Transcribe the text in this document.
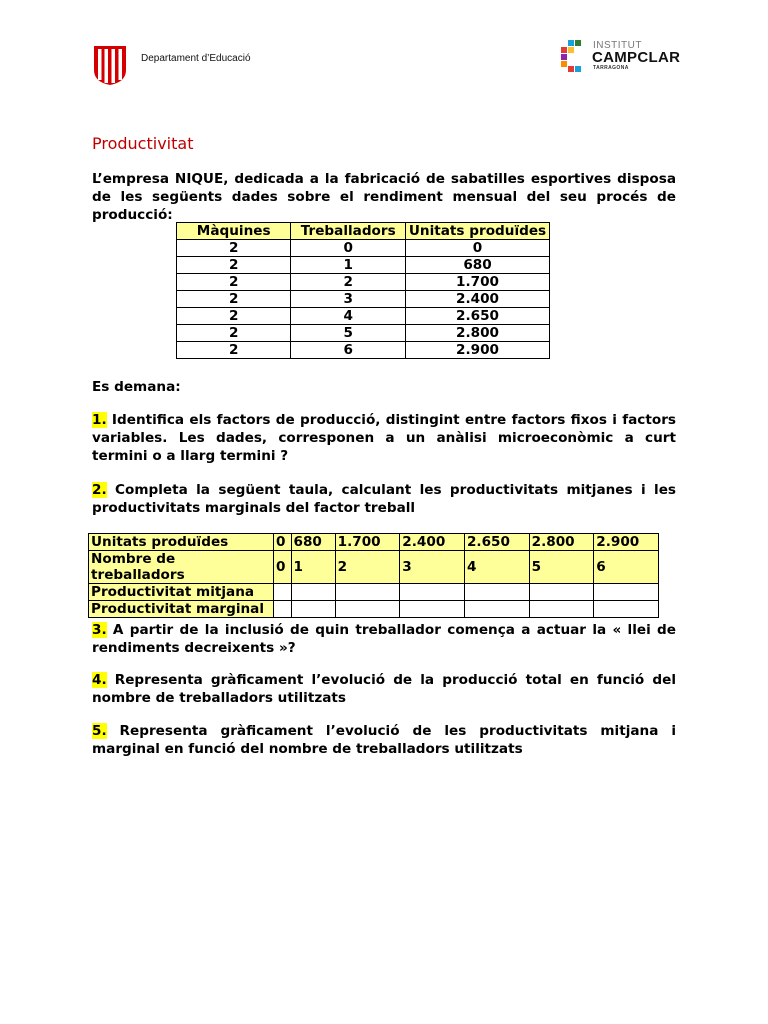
Departament d’Educació
INSTITUT
CAMPCLAR
TARRAGONA
Productivitat
L’empresa NIQUE, dedicada a la fabricació de sabatilles esportives disposa de les següents dades sobre el rendiment mensual del seu procés de producció:
Màquines	Treballadors	Unitats produïdes
2	0	0
2	1	680
2	2	1.700
2	3	2.400
2	4	2.650
2	5	2.800
2	6	2.900
Es demana:
1. Identifica els factors de producció, distingint entre factors fixos i factors variables. Les dades, corresponen a un anàlisi microeconòmic a curt termini o a llarg termini ?
2. Completa la següent taula, calculant les productivitats mitjanes i les productivitats marginals del factor treball
Unitats produïdes	0	680	1.700	2.400	2.650	2.800	2.900
Nombre de treballadors	0	1	2	3	4	5	6
Productivitat mitjana							
Productivitat marginal							
3. A partir de la inclusió de quin treballador comença a actuar la « llei de rendiments decreixents »?
4. Representa gràficament l’evolució de la producció total en funció del nombre de treballadors utilitzats
5. Representa gràficament l’evolució de les productivitats mitjana i marginal en funció del nombre de treballadors utilitzats
